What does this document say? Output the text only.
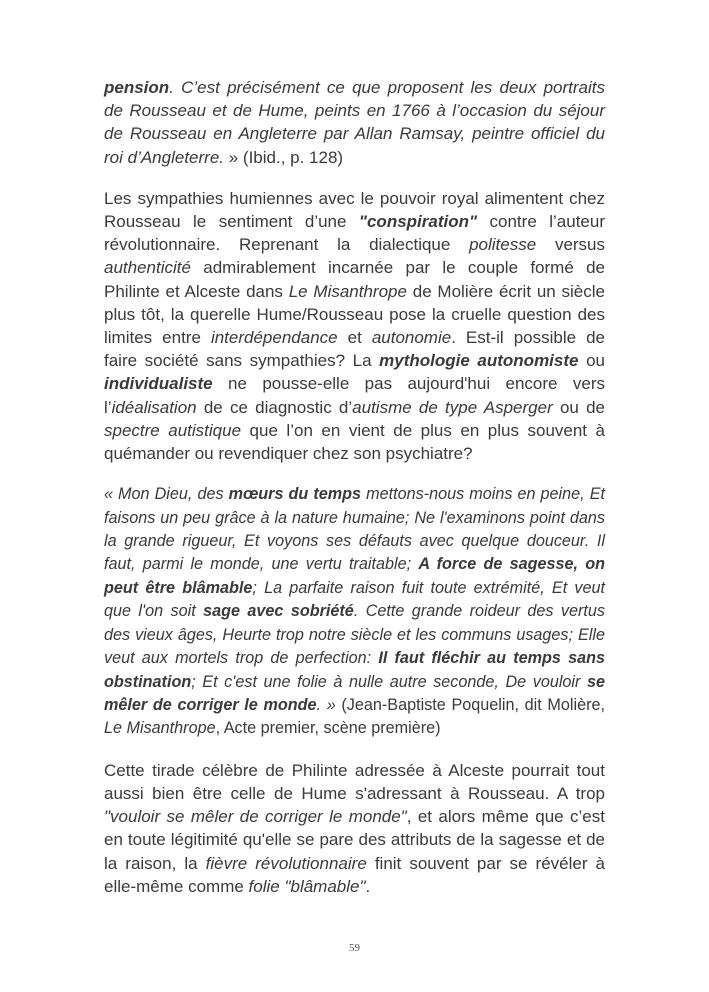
pension. C’est précisément ce que proposent les deux portraits de Rousseau et de Hume, peints en 1766 à l’occasion du séjour de Rousseau en Angleterre par Allan Ramsay, peintre officiel du roi d’Angleterre. » (Ibid., p. 128)

Les sympathies humiennes avec le pouvoir royal alimentent chez Rousseau le sentiment d’une "conspiration" contre l’auteur révolutionnaire. Reprenant la dialectique politesse versus authenticité admirablement incarnée par le couple formé de Philinte et Alceste dans Le Misanthrope de Molière écrit un siècle plus tôt, la querelle Hume/Rousseau pose la cruelle question des limites entre interdépendance et autonomie. Est-il possible de faire société sans sympathies? La mythologie autonomiste ou individualiste ne pousse-elle pas aujourd'hui encore vers l’idéalisation de ce diagnostic d’autisme de type Asperger ou de spectre autistique que l’on en vient de plus en plus souvent à quémander ou revendiquer chez son psychiatre?

« Mon Dieu, des mœurs du temps mettons-nous moins en peine, Et faisons un peu grâce à la nature humaine; Ne l'examinons point dans la grande rigueur, Et voyons ses défauts avec quelque douceur. Il faut, parmi le monde, une vertu traitable; A force de sagesse, on peut être blâmable; La parfaite raison fuit toute extrémité, Et veut que l'on soit sage avec sobriété. Cette grande roideur des vertus des vieux âges, Heurte trop notre siècle et les communs usages; Elle veut aux mortels trop de perfection: Il faut fléchir au temps sans obstination; Et c'est une folie à nulle autre seconde, De vouloir se mêler de corriger le monde. » (Jean-Baptiste Poquelin, dit Molière, Le Misanthrope, Acte premier, scène première)

Cette tirade célèbre de Philinte adressée à Alceste pourrait tout aussi bien être celle de Hume s'adressant à Rousseau. A trop "vouloir se mêler de corriger le monde", et alors même que c’est en toute légitimité qu'elle se pare des attributs de la sagesse et de la raison, la fièvre révolutionnaire finit souvent par se révéler à elle-même comme folie "blâmable".

59
